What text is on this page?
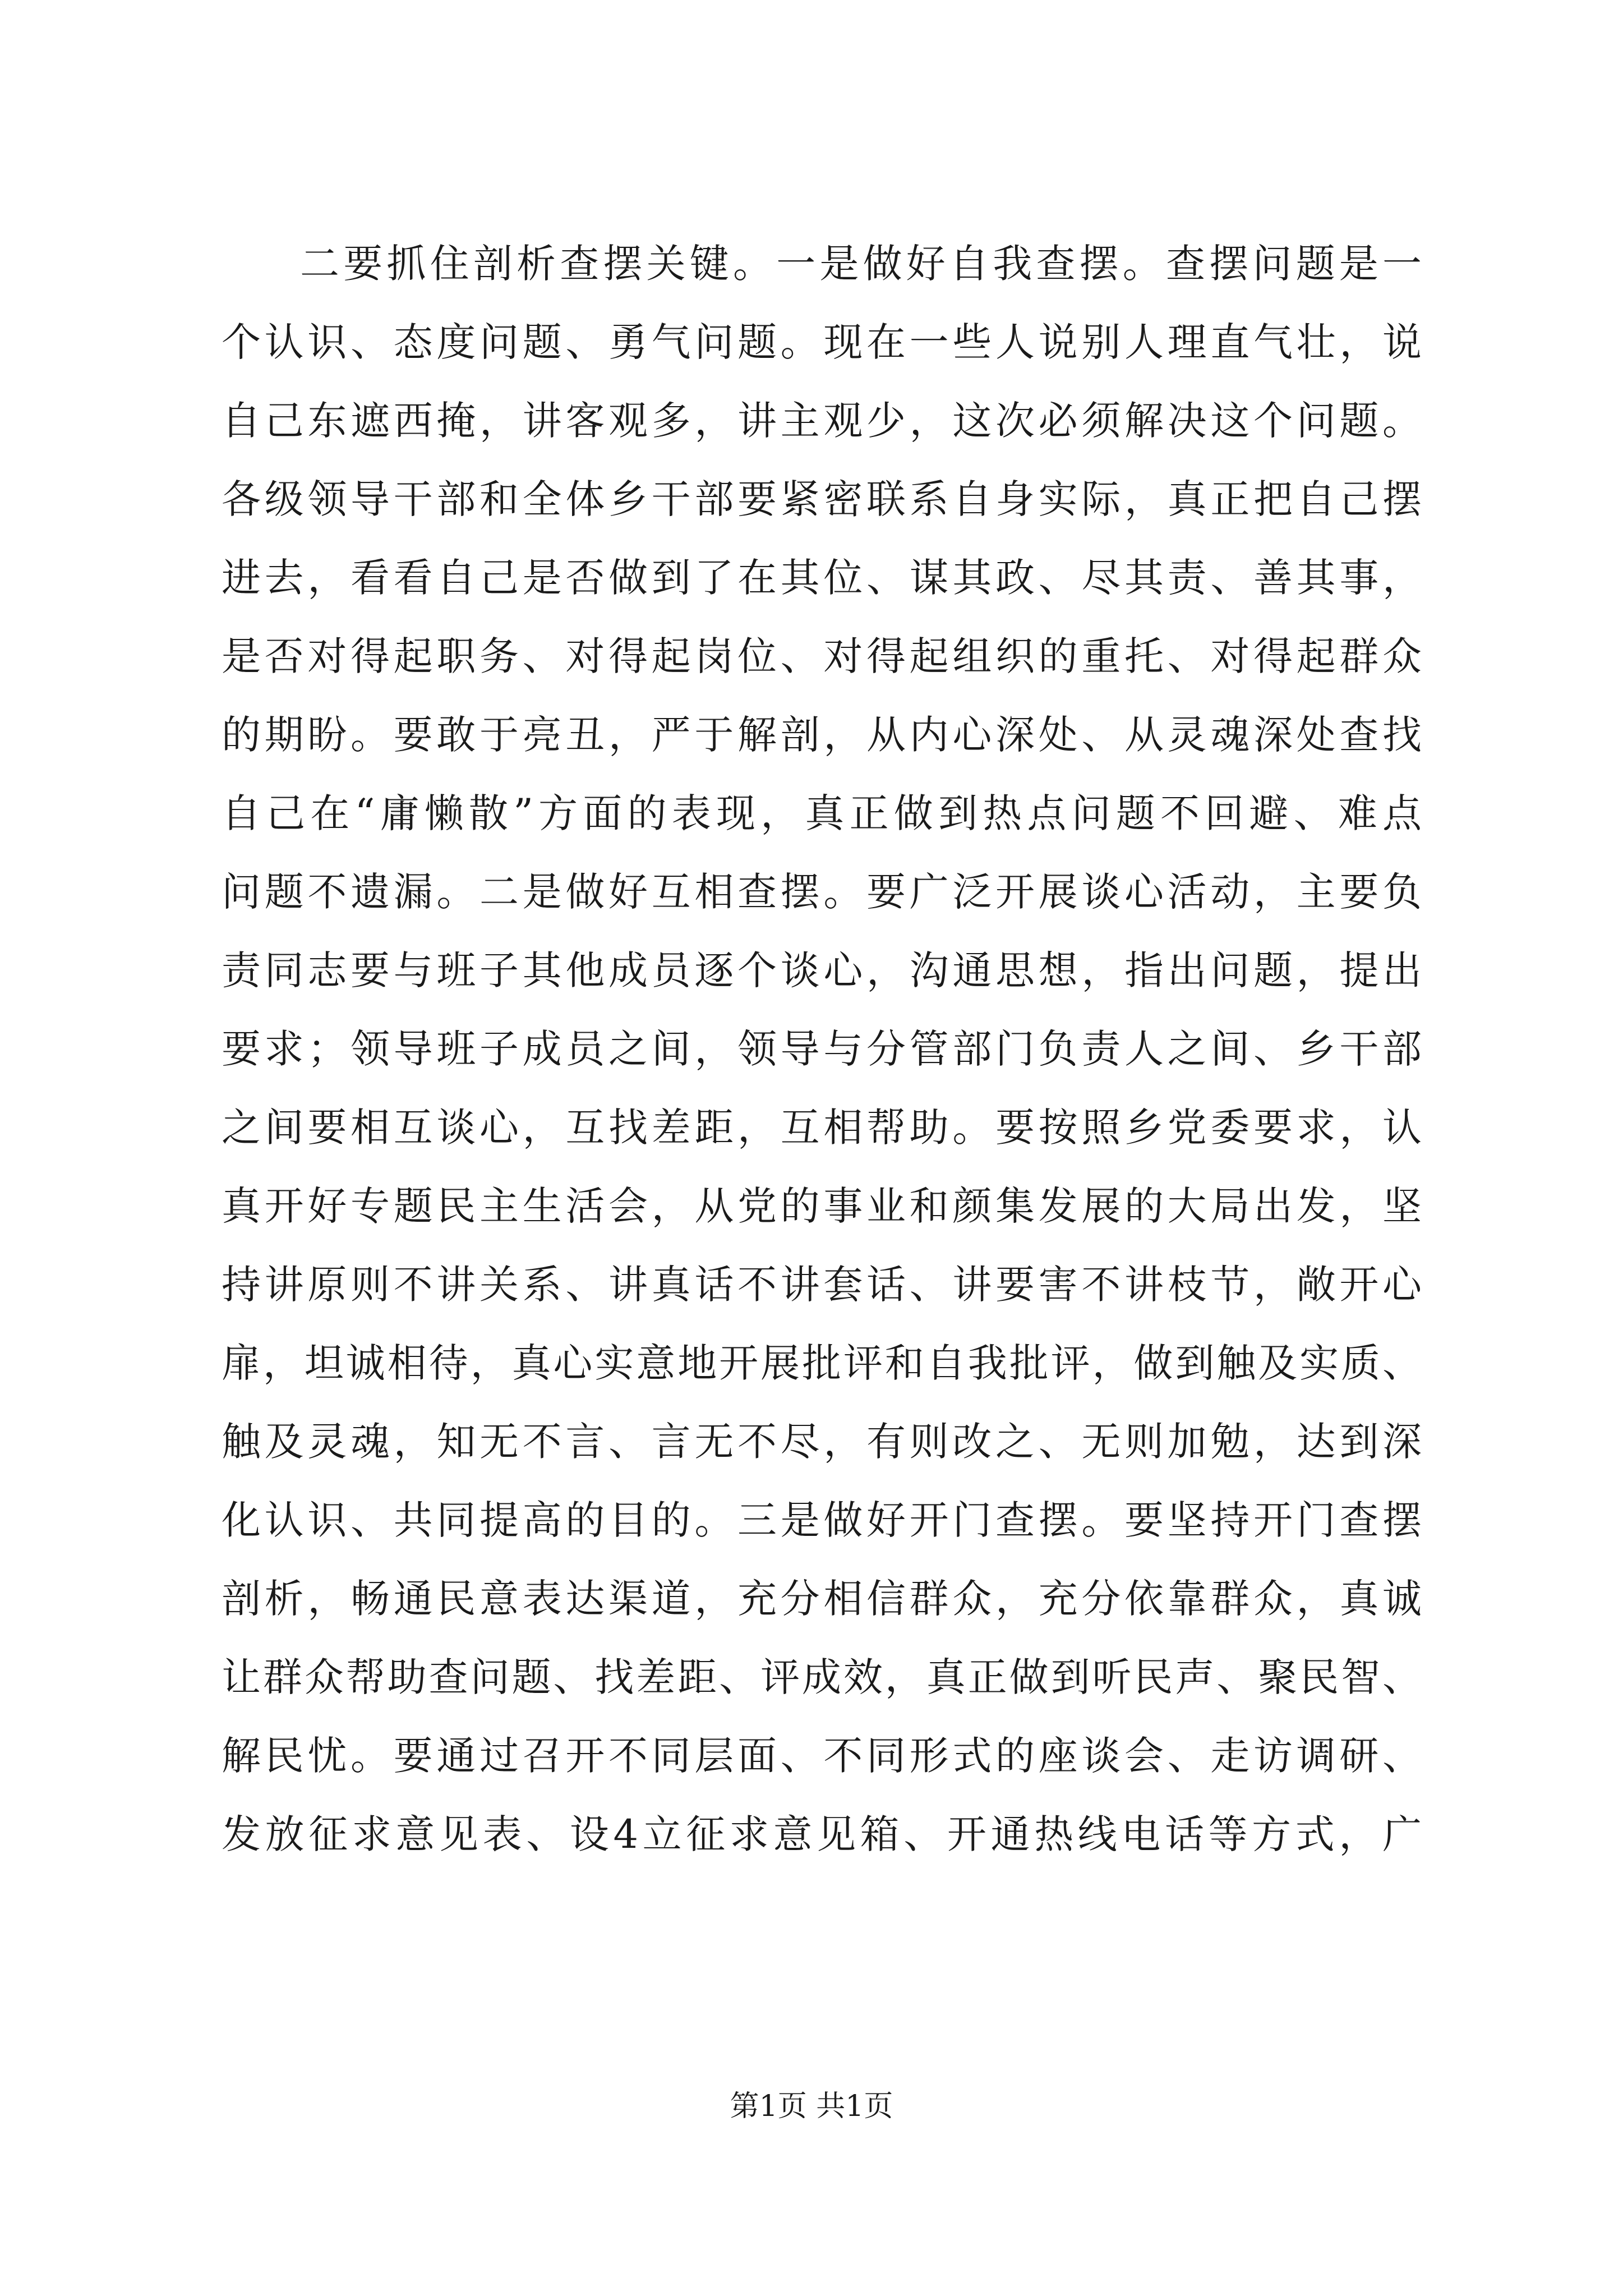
二要抓住剖析查摆关键。一是做好自我查摆。查摆问题是一
个认识、态度问题、勇气问题。现在一些人说别人理直气壮，说
自己东遮西掩，讲客观多，讲主观少，这次必须解决这个问题。
各级领导干部和全体乡干部要紧密联系自身实际，真正把自己摆
进去，看看自己是否做到了在其位、谋其政、尽其责、善其事，
是否对得起职务、对得起岗位、对得起组织的重托、对得起群众
的期盼。要敢于亮丑，严于解剖，从内心深处、从灵魂深处查找
自己在“庸懒散”方面的表现，真正做到热点问题不回避、难点
问题不遗漏。二是做好互相查摆。要广泛开展谈心活动，主要负
责同志要与班子其他成员逐个谈心，沟通思想，指出问题，提出
要求；领导班子成员之间，领导与分管部门负责人之间、乡干部
之间要相互谈心，互找差距，互相帮助。要按照乡党委要求，认
真开好专题民主生活会，从党的事业和颜集发展的大局出发，坚
持讲原则不讲关系、讲真话不讲套话、讲要害不讲枝节，敞开心
扉，坦诚相待，真心实意地开展批评和自我批评，做到触及实质、
触及灵魂，知无不言、言无不尽，有则改之、无则加勉，达到深
化认识、共同提高的目的。三是做好开门查摆。要坚持开门查摆
剖析，畅通民意表达渠道，充分相信群众，充分依靠群众，真诚
让群众帮助查问题、找差距、评成效，真正做到听民声、聚民智、
解民忧。要通过召开不同层面、不同形式的座谈会、走访调研、
发放征求意见表、设4立征求意见箱、开通热线电话等方式，广
第1页 共1页
